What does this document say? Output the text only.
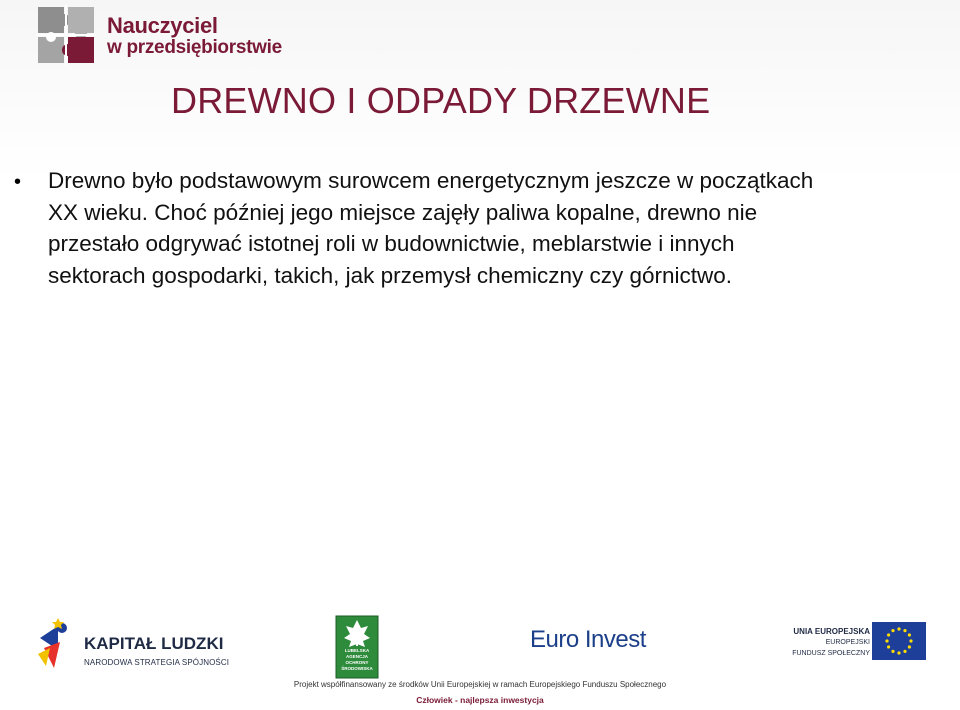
Nauczyciel
w przedsiębiorstwie
DREWNO I ODPADY DRZEWNE
• Drewno było podstawowym surowcem energetycznym jeszcze w początkach XX wieku. Choć później jego miejsce zajęły paliwa kopalne, drewno nie przestało odgrywać istotnej roli w budownictwie, meblarstwie i innych sektorach gospodarki, takich, jak przemysł chemiczny czy górnictwo.
KAPITAŁ LUDZKI
NARODOWA STRATEGIA SPÓJNOŚCI
LUBELSKA
AGENCJA
OCHRONY
ŚRODOWISKA
Euro Invest	UNIA EUROPEJSKA
EUROPEJSKI
FUNDUSZ SPOŁECZNY
Projekt współfinansowany ze środków Unii Europejskiej w ramach Europejskiego Funduszu Społecznego
Człowiek - najlepsza inwestycja
